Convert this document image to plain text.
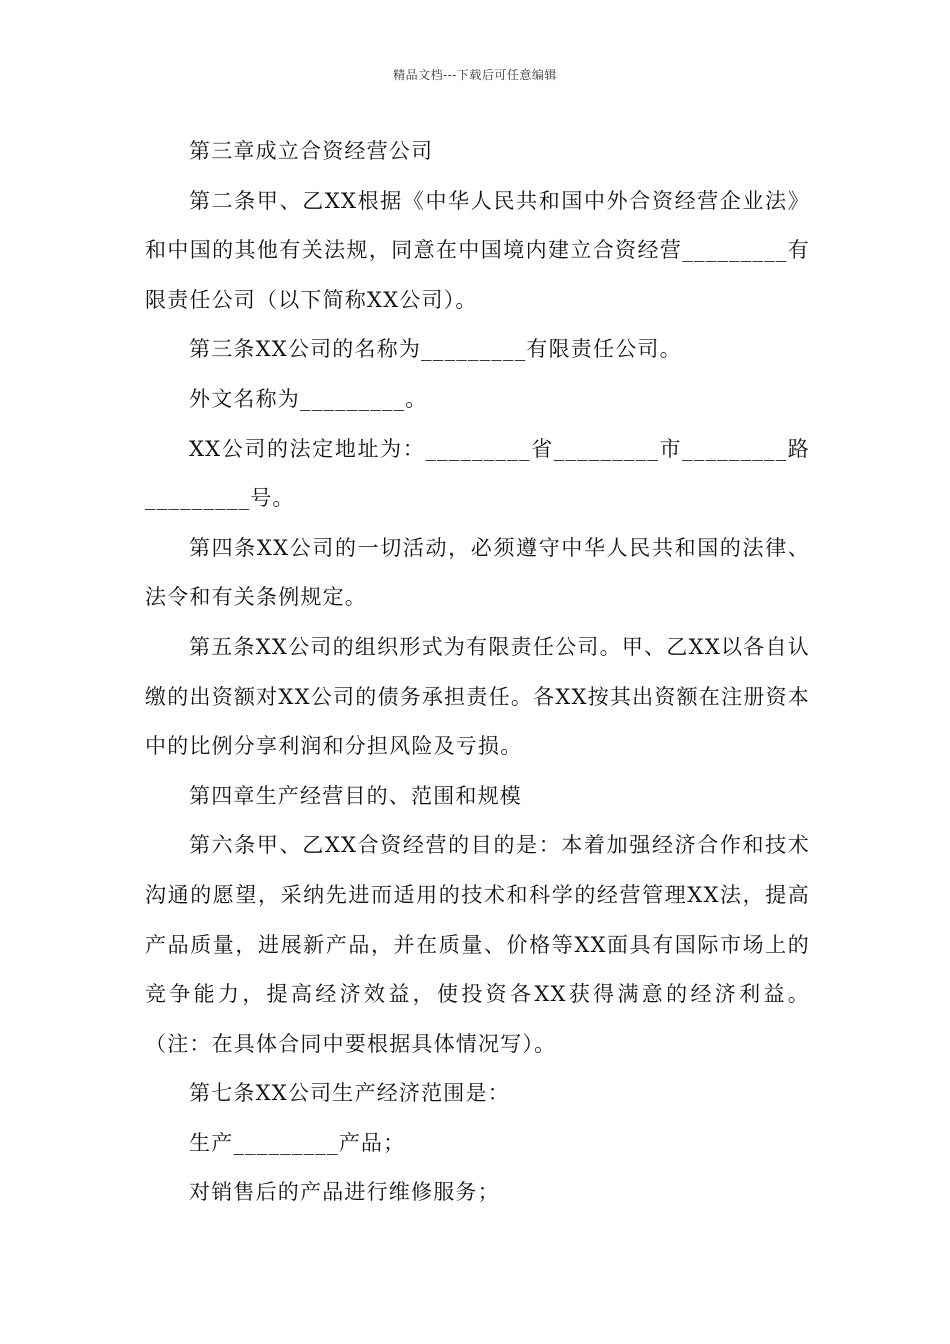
精品文档---下载后可任意编辑

第三章成立合资经营公司

第二条甲、乙XX根据《中华人民共和国中外合资经营企业法》和中国的其他有关法规，同意在中国境内建立合资经营_________有限责任公司（以下简称XX公司）。

第三条XX公司的名称为_________有限责任公司。

外文名称为_________。

XX公司的法定地址为：_________省_________市_________路_________号。

第四条XX公司的一切活动，必须遵守中华人民共和国的法律、法令和有关条例规定。

第五条XX公司的组织形式为有限责任公司。甲、乙XX以各自认缴的出资额对XX公司的债务承担责任。各XX按其出资额在注册资本中的比例分享利润和分担风险及亏损。

第四章生产经营目的、范围和规模

第六条甲、乙XX合资经营的目的是：本着加强经济合作和技术沟通的愿望，采纳先进而适用的技术和科学的经营管理XX法，提高产品质量，进展新产品，并在质量、价格等XX面具有国际市场上的竞争能力，提高经济效益，使投资各XX获得满意的经济利益。（注：在具体合同中要根据具体情况写）。

第七条XX公司生产经济范围是：

生产_________产品；

对销售后的产品进行维修服务；
